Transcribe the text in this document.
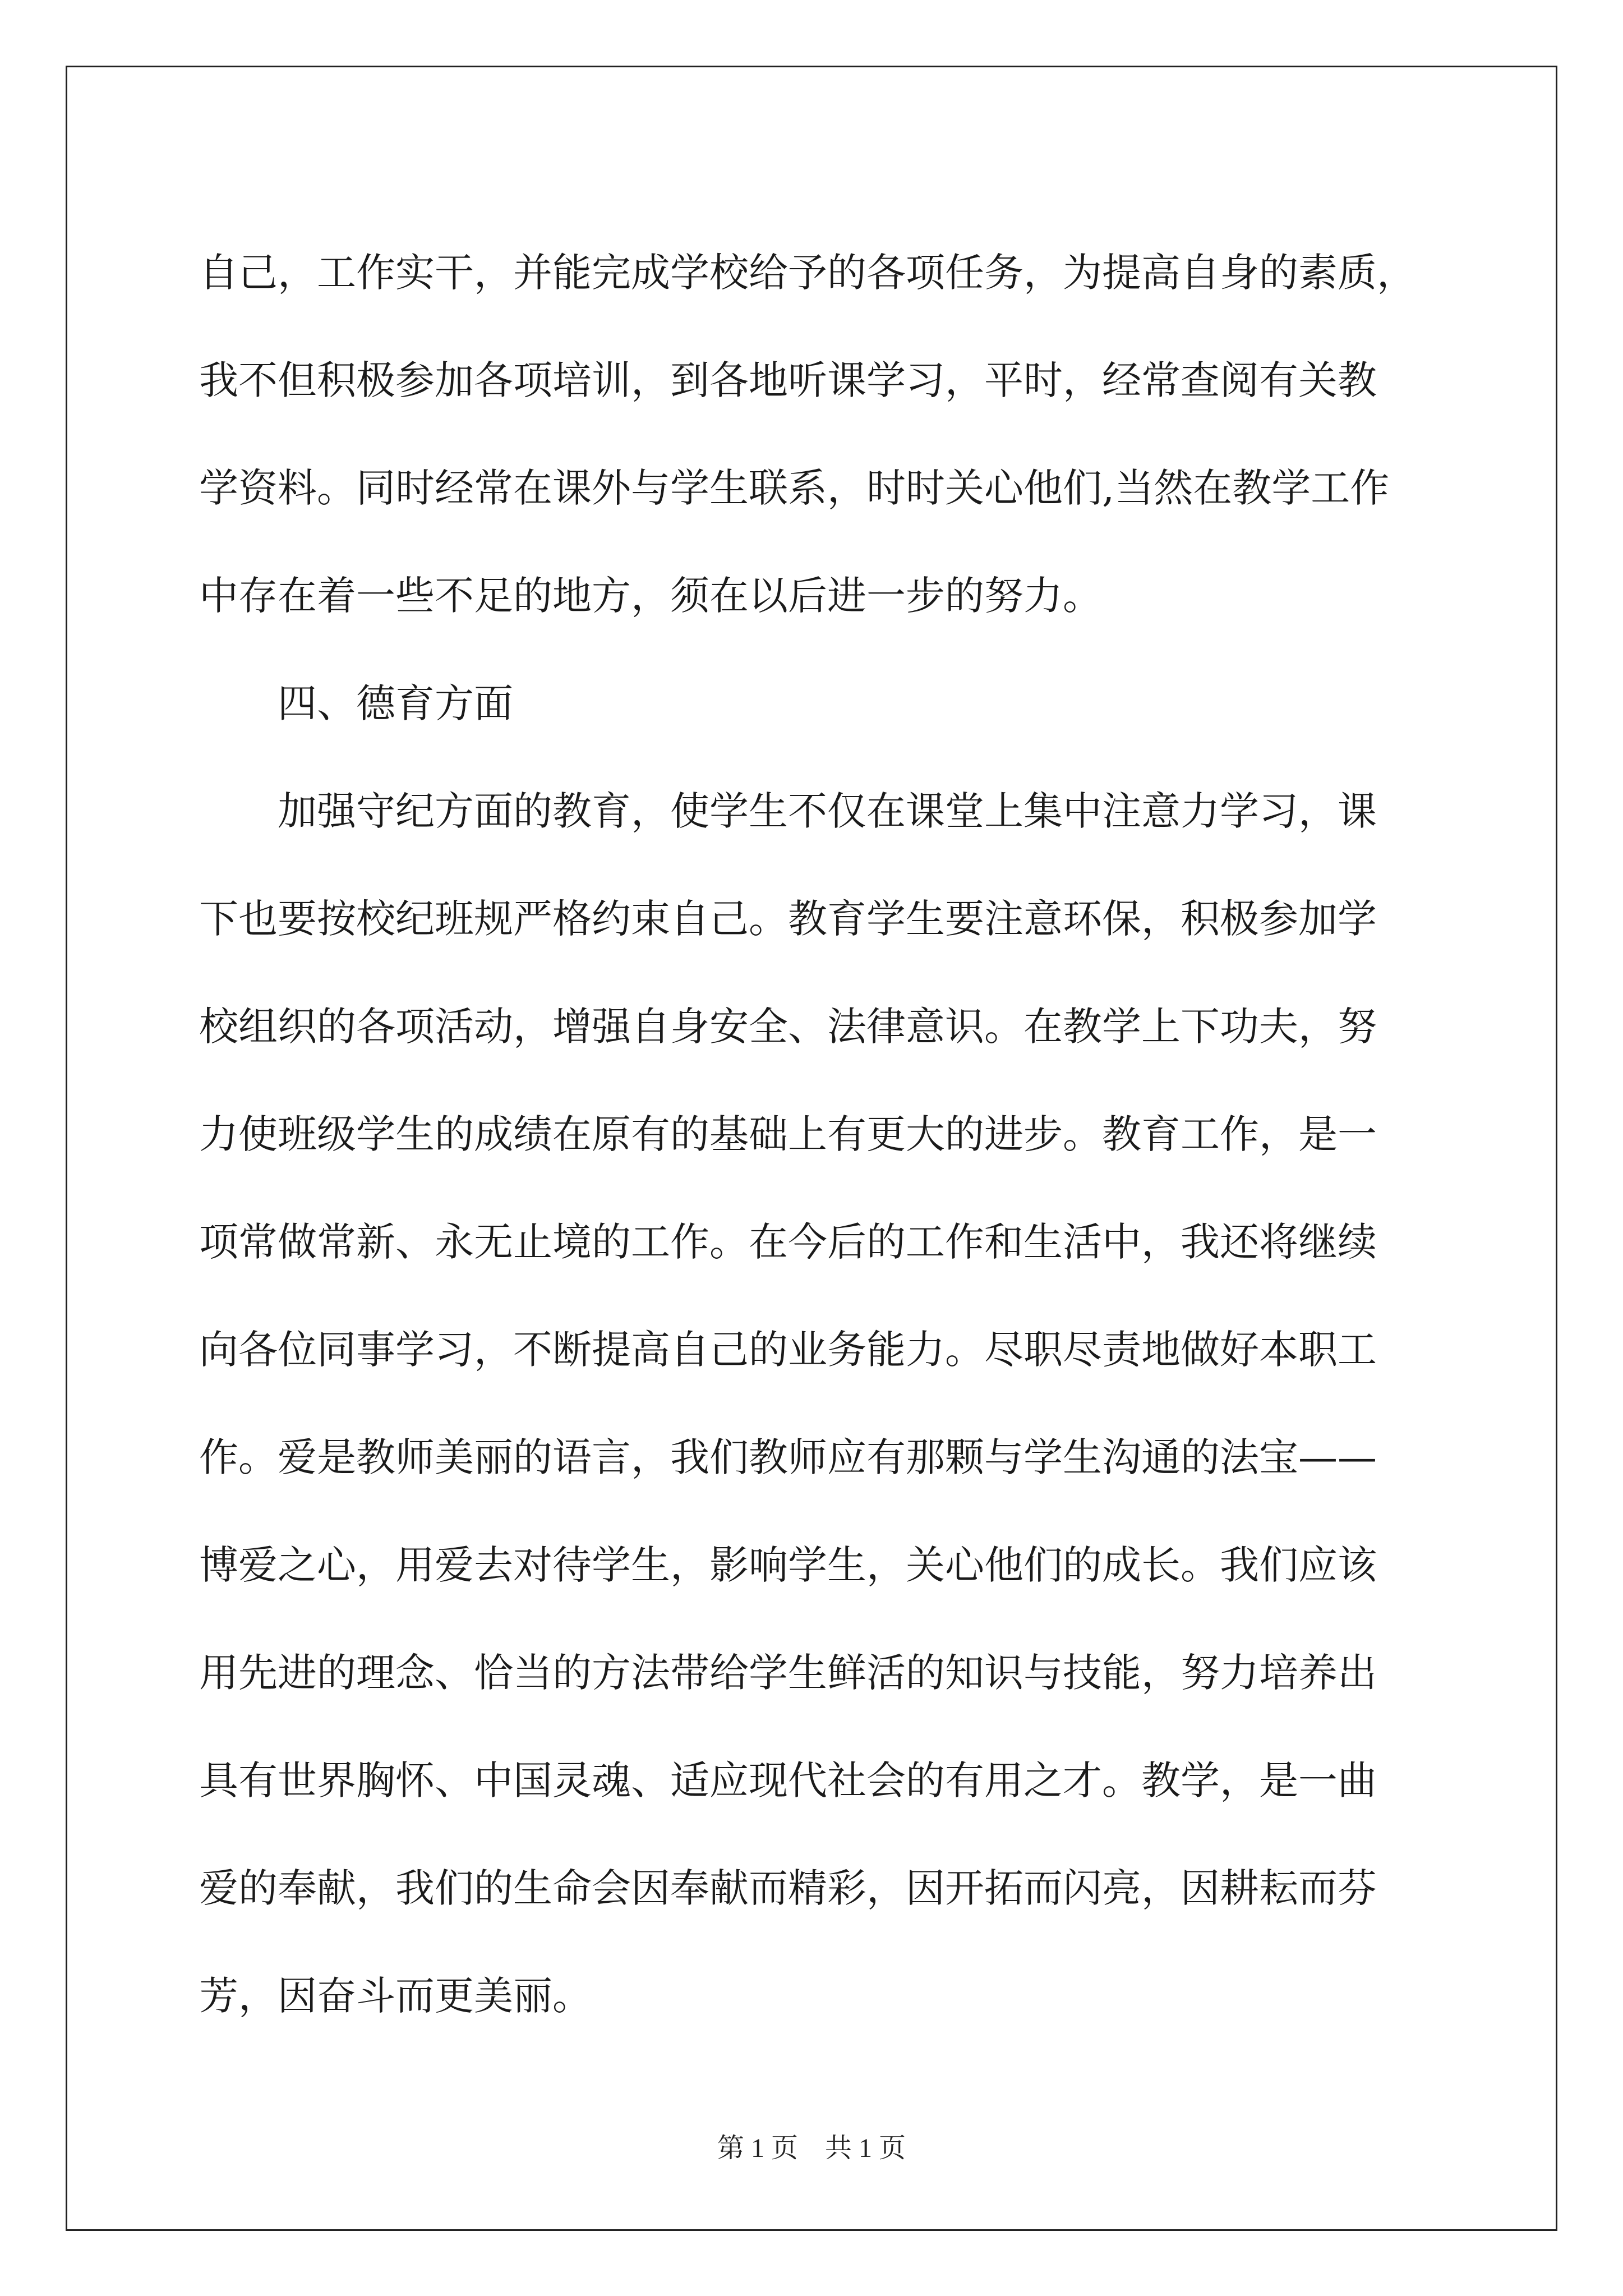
自己，工作实干，并能完成学校给予的各项任务，为提高自身的素质，
我不但积极参加各项培训，到各地听课学习，平时，经常查阅有关教
学资料。同时经常在课外与学生联系，时时关心他们,当然在教学工作
中存在着一些不足的地方，须在以后进一步的努力。
　　四、德育方面
　　加强守纪方面的教育，使学生不仅在课堂上集中注意力学习，课
下也要按校纪班规严格约束自己。教育学生要注意环保，积极参加学
校组织的各项活动，增强自身安全、法律意识。在教学上下功夫，努
力使班级学生的成绩在原有的基础上有更大的进步。教育工作，是一
项常做常新、永无止境的工作。在今后的工作和生活中，我还将继续
向各位同事学习，不断提高自己的业务能力。尽职尽责地做好本职工
作。爱是教师美丽的语言，我们教师应有那颗与学生沟通的法宝——
博爱之心，用爱去对待学生，影响学生，关心他们的成长。我们应该
用先进的理念、恰当的方法带给学生鲜活的知识与技能，努力培养出
具有世界胸怀、中国灵魂、适应现代社会的有用之才。教学，是一曲
爱的奉献，我们的生命会因奉献而精彩，因开拓而闪亮，因耕耘而芬
芳，因奋斗而更美丽。
第 1 页　共 1 页
